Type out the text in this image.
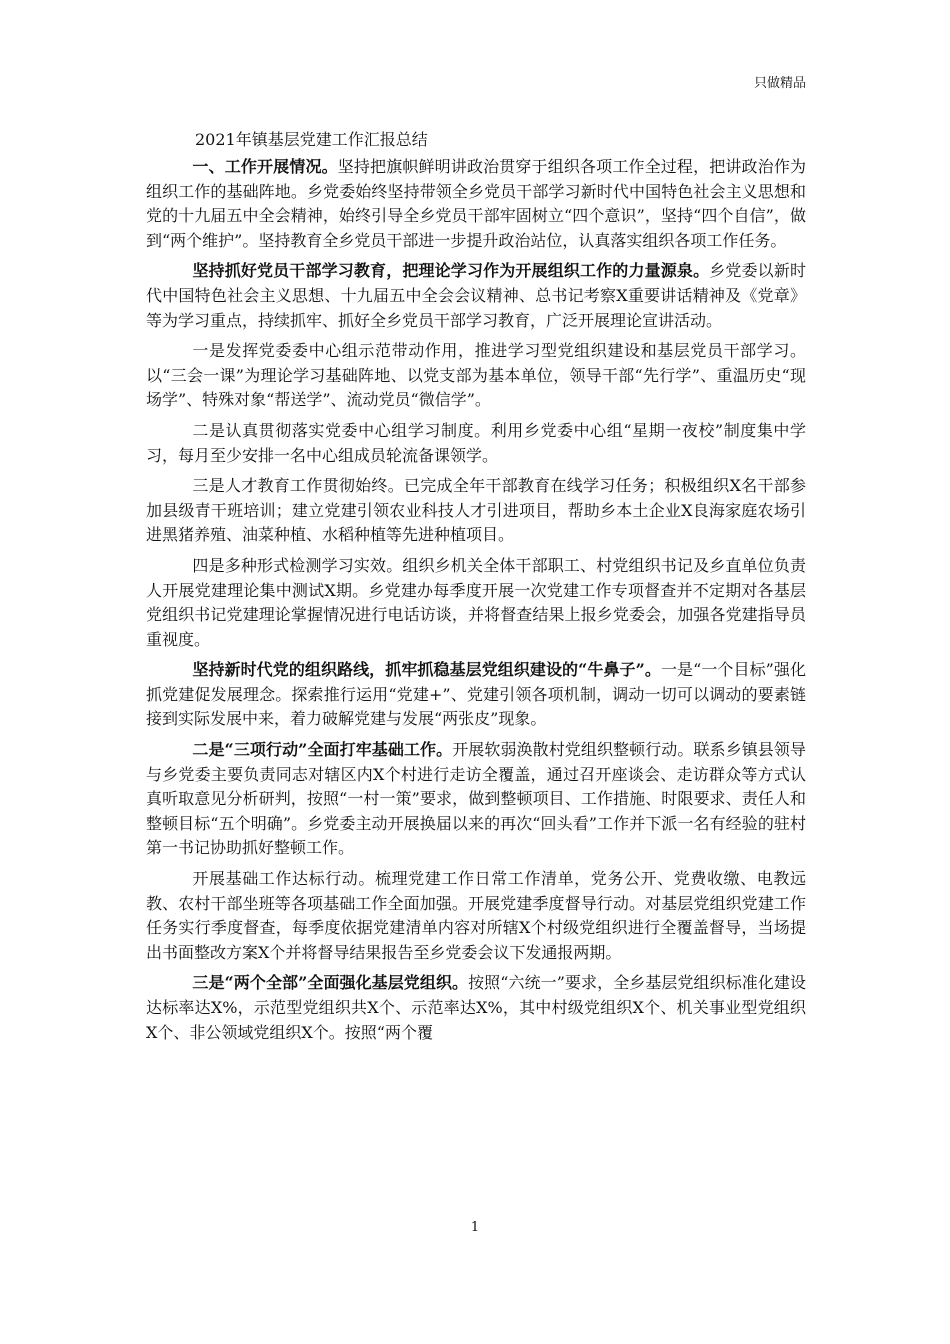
只做精品
2021年镇基层党建工作汇报总结

一、工作开展情况。坚持把旗帜鲜明讲政治贯穿于组织各项工作全过程，把讲政治作为组织工作的基础阵地。乡党委始终坚持带领全乡党员干部学习新时代中国特色社会主义思想和党的十九届五中全会精神，始终引导全乡党员干部牢固树立“四个意识”，坚持“四个自信”，做到“两个维护”。坚持教育全乡党员干部进一步提升政治站位，认真落实组织各项工作任务。

坚持抓好党员干部学习教育，把理论学习作为开展组织工作的力量源泉。乡党委以新时代中国特色社会主义思想、十九届五中全会会议精神、总书记考察X重要讲话精神及《党章》等为学习重点，持续抓牢、抓好全乡党员干部学习教育，广泛开展理论宣讲活动。

一是发挥党委委中心组示范带动作用，推进学习型党组织建设和基层党员干部学习。以“三会一课”为理论学习基础阵地、以党支部为基本单位，领导干部“先行学”、重温历史“现场学”、特殊对象“帮送学”、流动党员“微信学”。

二是认真贯彻落实党委中心组学习制度。利用乡党委中心组“星期一夜校”制度集中学习，每月至少安排一名中心组成员轮流备课领学。

三是人才教育工作贯彻始终。已完成全年干部教育在线学习任务；积极组织X名干部参加县级青干班培训；建立党建引领农业科技人才引进项目，帮助乡本土企业X良海家庭农场引进黑猪养殖、油菜种植、水稻种植等先进种植项目。

四是多种形式检测学习实效。组织乡机关全体干部职工、村党组织书记及乡直单位负责人开展党建理论集中测试X期。乡党建办每季度开展一次党建工作专项督查并不定期对各基层党组织书记党建理论掌握情况进行电话访谈，并将督查结果上报乡党委会，加强各党建指导员重视度。

坚持新时代党的组织路线，抓牢抓稳基层党组织建设的“牛鼻子”。一是“一个目标”强化抓党建促发展理念。探索推行运用“党建+”、党建引领各项机制，调动一切可以调动的要素链接到实际发展中来，着力破解党建与发展“两张皮”现象。

二是“三项行动”全面打牢基础工作。开展软弱涣散村党组织整顿行动。联系乡镇县领导与乡党委主要负责同志对辖区内X个村进行走访全覆盖，通过召开座谈会、走访群众等方式认真听取意见分析研判，按照“一村一策”要求，做到整顿项目、工作措施、时限要求、责任人和整顿目标“五个明确”。乡党委主动开展换届以来的再次“回头看”工作并下派一名有经验的驻村第一书记协助抓好整顿工作。

开展基础工作达标行动。梳理党建工作日常工作清单，党务公开、党费收缴、电教远教、农村干部坐班等各项基础工作全面加强。开展党建季度督导行动。对基层党组织党建工作任务实行季度督查，每季度依据党建清单内容对所辖X个村级党组织进行全覆盖督导，当场提出书面整改方案X个并将督导结果报告至乡党委会议下发通报两期。

三是“两个全部”全面强化基层党组织。按照“六统一”要求，全乡基层党组织标准化建设达标率达X%，示范型党组织共X个、示范率达X%，其中村级党组织X个、机关事业型党组织X个、非公领域党组织X个。按照“两个覆

1
